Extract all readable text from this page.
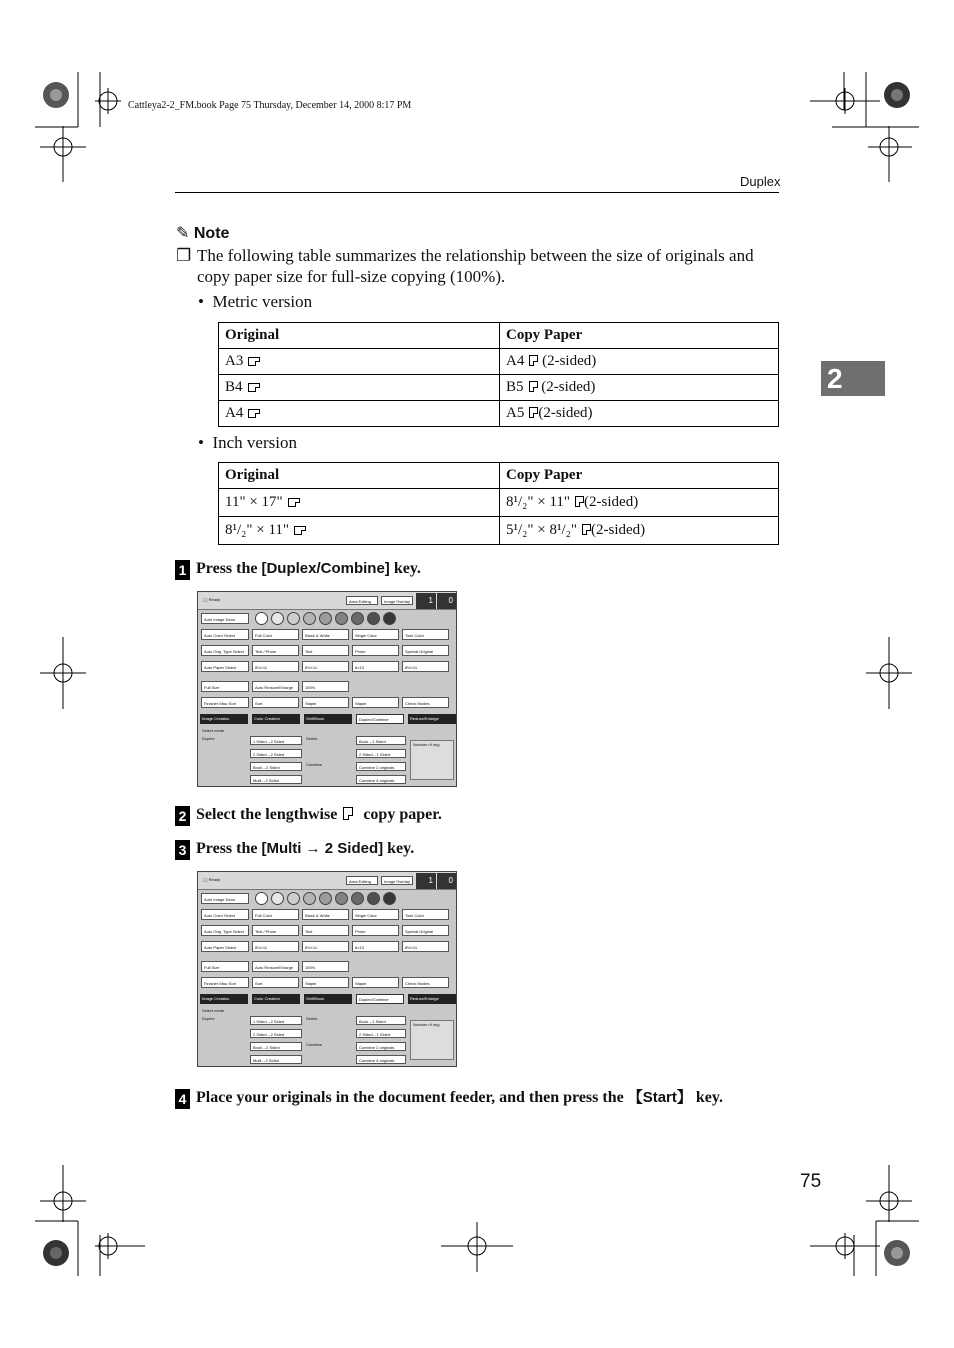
Cattleya2-2_FM.book Page 75 Thursday, December 14, 2000 8:17 PM
Duplex
2
✎ Note
❐ The following table summarizes the relationship between the size of originals and copy paper size for full-size copying (100%).
•  Metric version
Original	Copy Paper
A3	A4 (2-sided)
B4	B5 (2-sided)
A4	A5 (2-sided)
•  Inch version
Original	Copy Paper
11" × 17"	8¹/₂" × 11" (2-sided)
8¹/₂" × 11"	5¹/₂" × 8¹/₂" (2-sided)
1 Press the [Duplex/Combine] key.
◯ Ready	Area Editing	Image Overlay	1	0
Auto Image Dens.
Auto Color Select	Full Color	Black & White	Single Color	Twin Color
Auto Orig. Type Select	Text / Photo	Text	Photo	Special Original
Auto Paper Select	8½×11	8½×11	8×13	8½×11
Full Size	Auto Reduce/Enlarge	100%
Finisher Misc Sort	Sort	Staple	Staple	Check Modes
Image Creation	Color Creation	Shift/Book	Duplex/Combine	Reduce/Enlarge
Select mode
Duplex	Series
Combine
1 Sided→2 Sided
2 Sided→2 Sided
Book→2 Sided
Multi→2 Sided
Book→1 Sided
2 Sided→1 Sided
Combine 2 originals
Combine 4 originals
Number of orig.
2 Select the lengthwise  copy paper.
3 Press the [Multi → 2 Sided] key.
◯ Ready	Area Editing	Image Overlay	1	0
Auto Image Dens.
Auto Color Select	Full Color	Black & White	Single Color	Twin Color
Auto Orig. Type Select	Text / Photo	Text	Photo	Special Original
Auto Paper Select	8½×11	8½×11	8×13	8½×11
Full Size	Auto Reduce/Enlarge	100%
Finisher Misc Sort	Sort	Staple	Staple	Check Modes
Image Creation	Color Creation	Shift/Book	Duplex/Combine	Reduce/Enlarge
Select mode
Duplex	Series
Combine
1 Sided→2 Sided
2 Sided→2 Sided
Book→2 Sided
Multi→2 Sided
Book→1 Sided
2 Sided→1 Sided
Combine 2 originals
Combine 4 originals
Number of orig.
4 Place your originals in the document feeder, and then press the 【Start】 key.
75
